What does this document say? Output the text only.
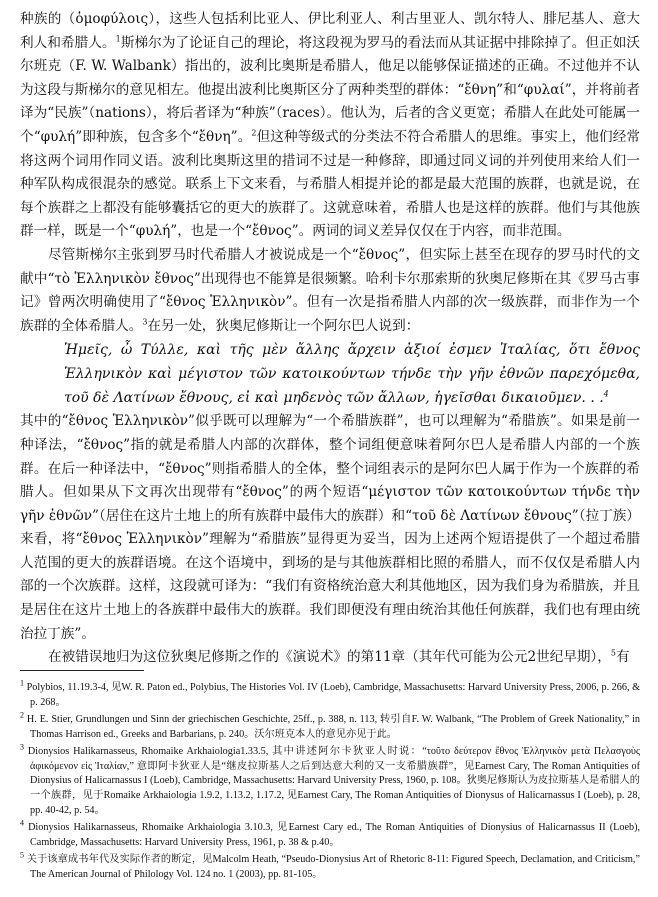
种族的（ὁμοφύλοις），这些人包括利比亚人、伊比利亚人、利古里亚人、凯尔特人、腓尼基人、意大利人和希腊人。$^1$斯梯尔为了论证自己的理论，将这段视为罗马的看法而从其证据中排除掉了。但正如沃尔班克（F. W. Walbank）指出的，波利比奥斯是希腊人，他足以能够保证描述的正确。不过他并不认为这段与斯梯尔的意见相左。他提出波利比奥斯区分了两种类型的群体：“ἔθνη”和“φυλαί”，并将前者译为“民族”（nations），将后者译为“种族”（races）。他认为，后者的含义更宽；希腊人在此处可能属一个“φυλή”即种族，包含多个“ἔθνη”。$^2$但这种等级式的分类法不符合希腊人的思维。事实上，他们经常将这两个词用作同义语。波利比奥斯这里的措词不过是一种修辞，即通过同义词的并列使用来给人们一种军队构成很混杂的感觉。联系上下文来看，与希腊人相提并论的都是最大范围的族群，也就是说，在每个族群之上都没有能够囊括它的更大的族群了。这就意味着，希腊人也是这样的族群。他们与其他族群一样，既是一个“φυλή”，也是一个“ἔθνος”。两词的词义差异仅仅在于内容，而非范围。

尽管斯梯尔主张到罗马时代希腊人才被说成是一个“ἔθνος”，但实际上甚至在现存的罗马时代的文献中“τὸ Ἑλληνικὸν ἔθνος”出现得也不能算是很频繁。哈利卡尔那索斯的狄奥尼修斯在其《罗马古事记》曾两次明确使用了“ἔθνος Ἑλληνικὸν”。但有一次是指希腊人内部的次一级族群，而非作为一个族群的全体希腊人。$^3$在另一处，狄奥尼修斯让一个阿尔巴人说到：

Ἡμεῖς, ὦ Τύλλε, καὶ τῆς μὲν ἄλλης ἄρχειν ἀξιοί ἐσμεν Ἰταλίας, ὅτι ἔθνος Ἑλληνικὸν καὶ μέγιστον τῶν κατοικούντων τήνδε τὴν γῆν ἐθνῶν παρεχόμεθα, τοῦ δὲ Λατίνων ἔθνους, εἰ καὶ μηδενὸς τῶν ἄλλων, ἡγεῖσθαι δικαιοῦμεν. . .$^4$

其中的“ἔθνος Ἑλληνικὸν”似乎既可以理解为“一个希腊族群”，也可以理解为“希腊族”。如果是前一种译法，“ἔθνος”指的就是希腊人内部的次群体，整个词组便意味着阿尔巴人是希腊人内部的一个族群。在后一种译法中，“ἔθνος”则指希腊人的全体，整个词组表示的是阿尔巴人属于作为一个族群的希腊人。但如果从下文再次出现带有“ἔθνος”的两个短语“μέγιστον τῶν κατοικούντων τήνδε τὴν γῆν ἐθνῶν”（居住在这片土地上的所有族群中最伟大的族群）和“τοῦ δὲ Λατίνων ἔθνους”（拉丁族）来看，将“ἔθνος Ἑλληνικὸν”理解为“希腊族”显得更为妥当，因为上述两个短语提供了一个超过希腊人范围的更大的族群语境。在这个语境中，到场的是与其他族群相比照的希腊人，而不仅仅是希腊人内部的一个次族群。这样，这段就可译为：“我们有资格统治意大利其他地区，因为我们身为希腊族，并且是居住在这片土地上的各族群中最伟大的族群。我们即便没有理由统治其他任何族群，我们也有理由统治拉丁族”。

在被错误地归为这位狄奥尼修斯之作的《演说术》的第11章（其年代可能为公元2世纪早期），$^5$有

$^1$ Polybios, 11.19.3-4, 见W. R. Paton ed., Polybius, The Histories Vol. IV (Loeb), Cambridge, Massachusetts: Harvard University Press, 2006, p. 266, & p. 268。

$^2$ H. E. Stier, Grundlungen und Sinn der griechischen Geschichte, 25ff., p. 388, n. 113, 转引自F. W. Walbank, “The Problem of Greek Nationality,” in Thomas Harrison ed., Greeks and Barbarians, p. 240。沃尔班克本人的意见亦见于此。

$^3$ Dionysios Halikarnasseus, Rhomaike Arkhaiologia1.33.5, 其中讲述阿尔卡狄亚人时说：“τοῦτο δεύτερον ἔθνος Ἑλληνικὸν μετὰ Πελασγοὺς ἀφικόμενον εἰς Ἰταλίαν,” 意即阿卡狄亚人是“继皮拉斯基人之后到达意大利的又一支希腊族群”，见Earnest Cary, The Roman Antiquities of Dionysius of Halicarnassus I (Loeb), Cambridge, Massachusetts: Harvard University Press, 1960, p. 108。狄奥尼修斯认为皮拉斯基人是希腊人的一个族群，见于Romaike Arkhaiologia 1.9.2, 1.13.2, 1.17.2, 见Earnest Cary, The Roman Antiquities of Dionysus of Halicarnassus I (Loeb), p. 28, pp. 40-42, p. 54。

$^4$ Dionysios Halikarnasseus, Rhomaike Arkhaiologia 3.10.3, 见Earnest Cary ed., The Roman Antiquities of Dionysius of Halicarnassus II (Loeb), Cambridge, Massachusetts: Harvard University Press, 1961, p. 38 & p.40。

$^5$ 关于该章成书年代及实际作者的断定，见Malcolm Heath, “Pseudo-Dionysius Art of Rhetoric 8-11: Figured Speech, Declamation, and Criticism,” The American Journal of Philology Vol. 124 no. 1 (2003), pp. 81-105。
